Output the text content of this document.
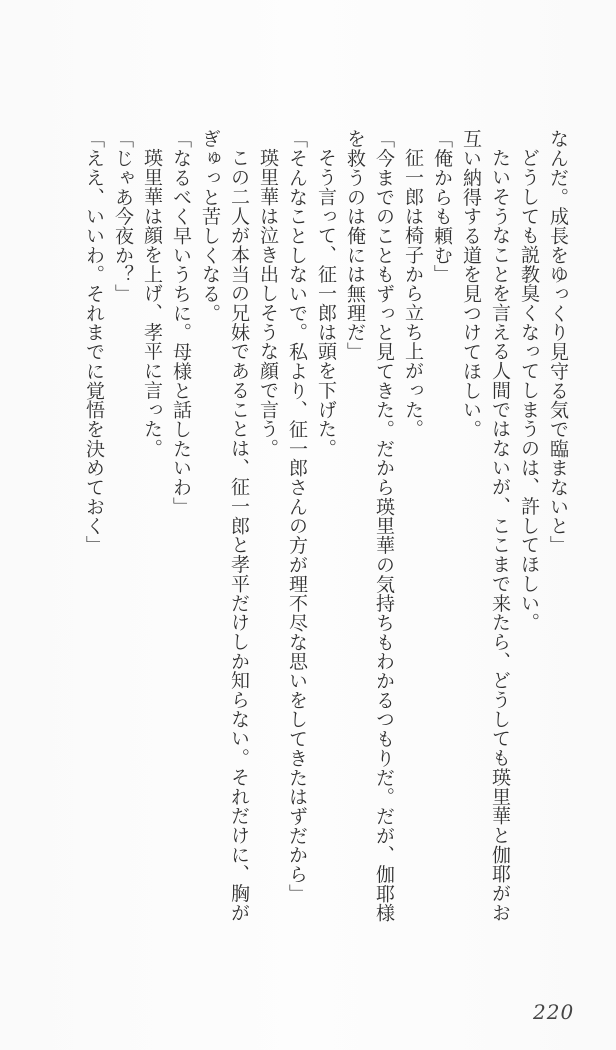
なんだ。成長をゆっくり見守る気で臨まないと」

どうしても説教臭くなってしまうのは、許してほしい。

たいそうなことを言える人間ではないが、ここまで来たら、どうしても瑛里華と伽耶がお互い納得する道を見つけてほしい。

「俺からも頼む」

征一郎は椅子から立ち上がった。

「今までのこともずっと見てきた。だから瑛里華の気持ちもわかるつもりだ。だが、伽耶様を救うのは俺には無理だ」

そう言って、征一郎は頭を下げた。

「そんなことしないで。私より、征一郎さんの方が理不尽な思いをしてきたはずだから」

瑛里華は泣き出しそうな顔で言う。

この二人が本当の兄妹であることは、征一郎と孝平だけしか知らない。それだけに、胸がぎゅっと苦しくなる。

「なるべく早いうちに。母様と話したいわ」

瑛里華は顔を上げ、孝平に言った。

「じゃあ今夜か？」

「ええ、いいわ。それまでに覚悟を決めておく」

220
